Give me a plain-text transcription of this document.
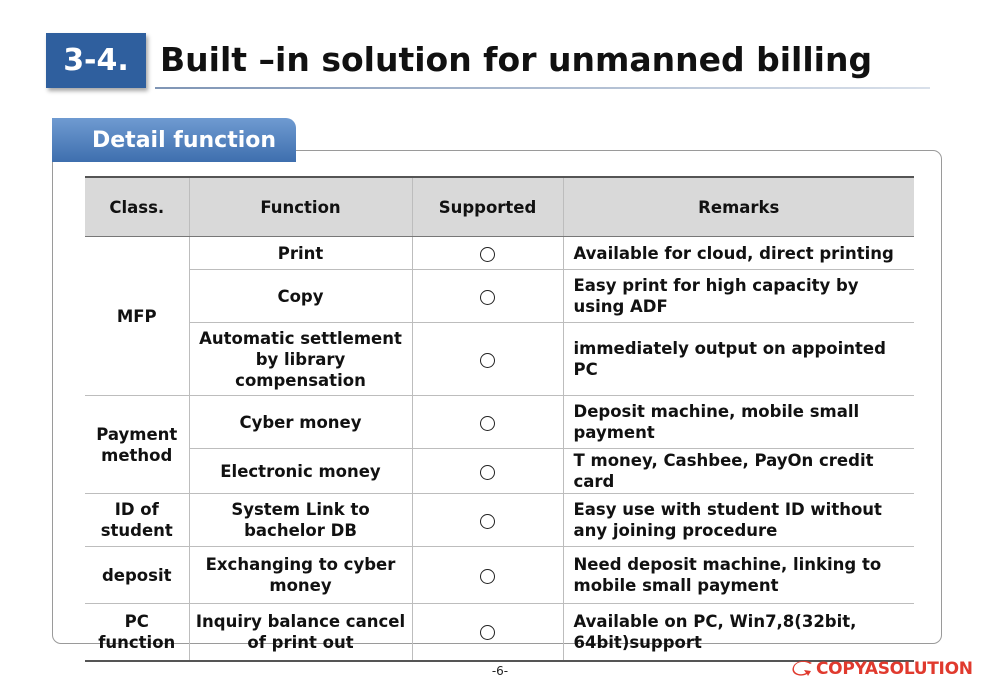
3-4. Built –in solution for unmanned billing
Detail function
Class.	Function	Supported	Remarks
MFP	Print		Available for cloud, direct printing
	Copy		Easy print for high capacity by using ADF
	Automatic settlement by library compensation		immediately output on appointed PC
Payment method	Cyber money		Deposit machine, mobile small payment
	Electronic money		T money, Cashbee, PayOn credit card
ID of student	System Link to bachelor DB		Easy use with student ID without any joining procedure
deposit	Exchanging to cyber money		Need deposit machine, linking to mobile small payment
PC function	Inquiry balance cancel of print out		Available on PC, Win7,8(32bit, 64bit)support
-6-	COPYASOLUTION
